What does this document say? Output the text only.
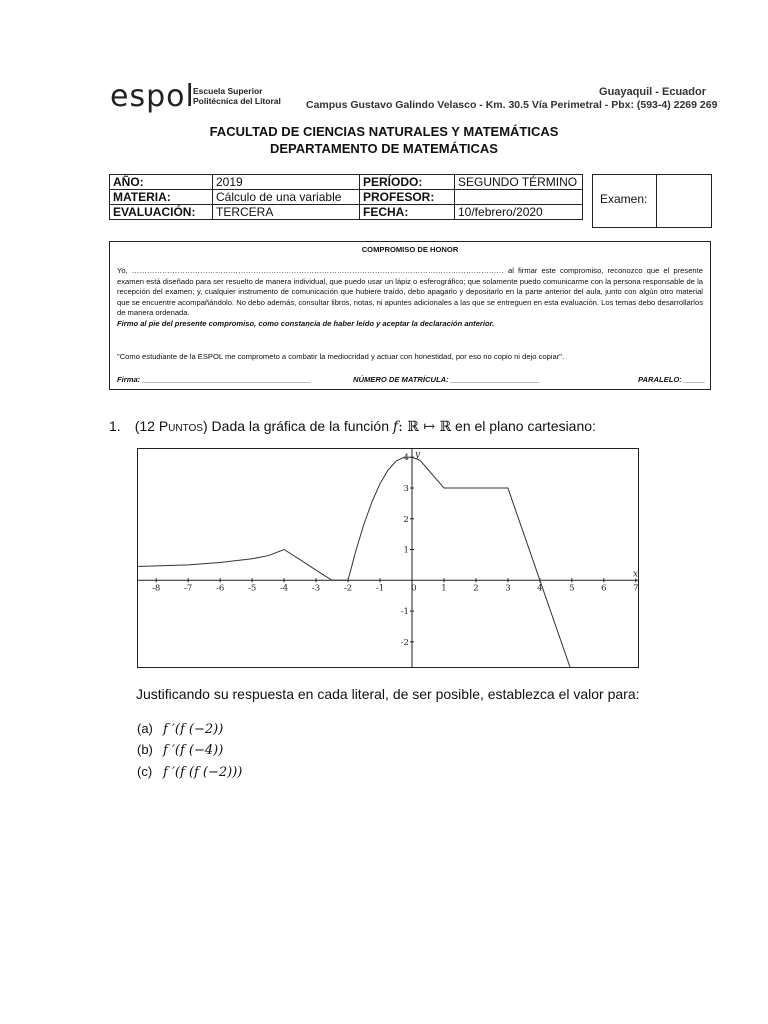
espol
Escuela Superior
Politécnica del Litoral
Guayaquil - Ecuador
Campus Gustavo Galindo Velasco - Km. 30.5 Vía Perimetral - Pbx: (593-4) 2269 269
FACULTAD DE CIENCIAS NATURALES Y MATEMÁTICAS
DEPARTAMENTO DE MATEMÁTICAS
AÑO:	2019	PERÍODO:	SEGUNDO TÉRMINO
MATERIA:	Cálculo de una variable	PROFESOR:	
EVALUACIÓN:	TERCERA	FECHA:	10/febrero/2020
Examen:
COMPROMISO DE HONOR
Yo, ………………………………………………………………………………………………………………………………… al firmar este compromiso, reconozco que el presente examen está diseñado para ser resuelto de manera individual, que puedo usar un lápiz o esferográfico; que solamente puedo comunicarme con la persona responsable de la recepción del examen; y, cualquier instrumento de comunicación que hubiere traído, debo apagarlo y depositarlo en la parte anterior del aula, junto con algún otro material que se encuentre acompañándolo. No debo además, consultar libros, notas, ni apuntes adicionales a las que se entreguen en esta evaluación. Los temas debo desarrollarlos de manera ordenada.
Firmo al pie del presente compromiso, como constancia de haber leído y aceptar la declaración anterior.
"Como estudiante de la ESPOL me comprometo a combatir la mediocridad y actuar con honestidad, por eso no copio ni dejo copiar".
Firma: ________________________________________	NÚMERO DE MATRÍCULA: _____________________	PARALELO: _____
1. (12 Puntos) Dada la gráfica de la función f: ℝ ↦ ℝ en el plano cartesiano:
x
y
-8	-7	-6	-5	-4	-3	-2	-1	0	1	2	3	4	5	6	7
-2
-1
1
2
3
4
Justificando su respuesta en cada literal, de ser posible, establezca el valor para:
(a) f ′(f (−2))
(b) f ′(f (−4))
(c) f ′(f (f (−2)))
